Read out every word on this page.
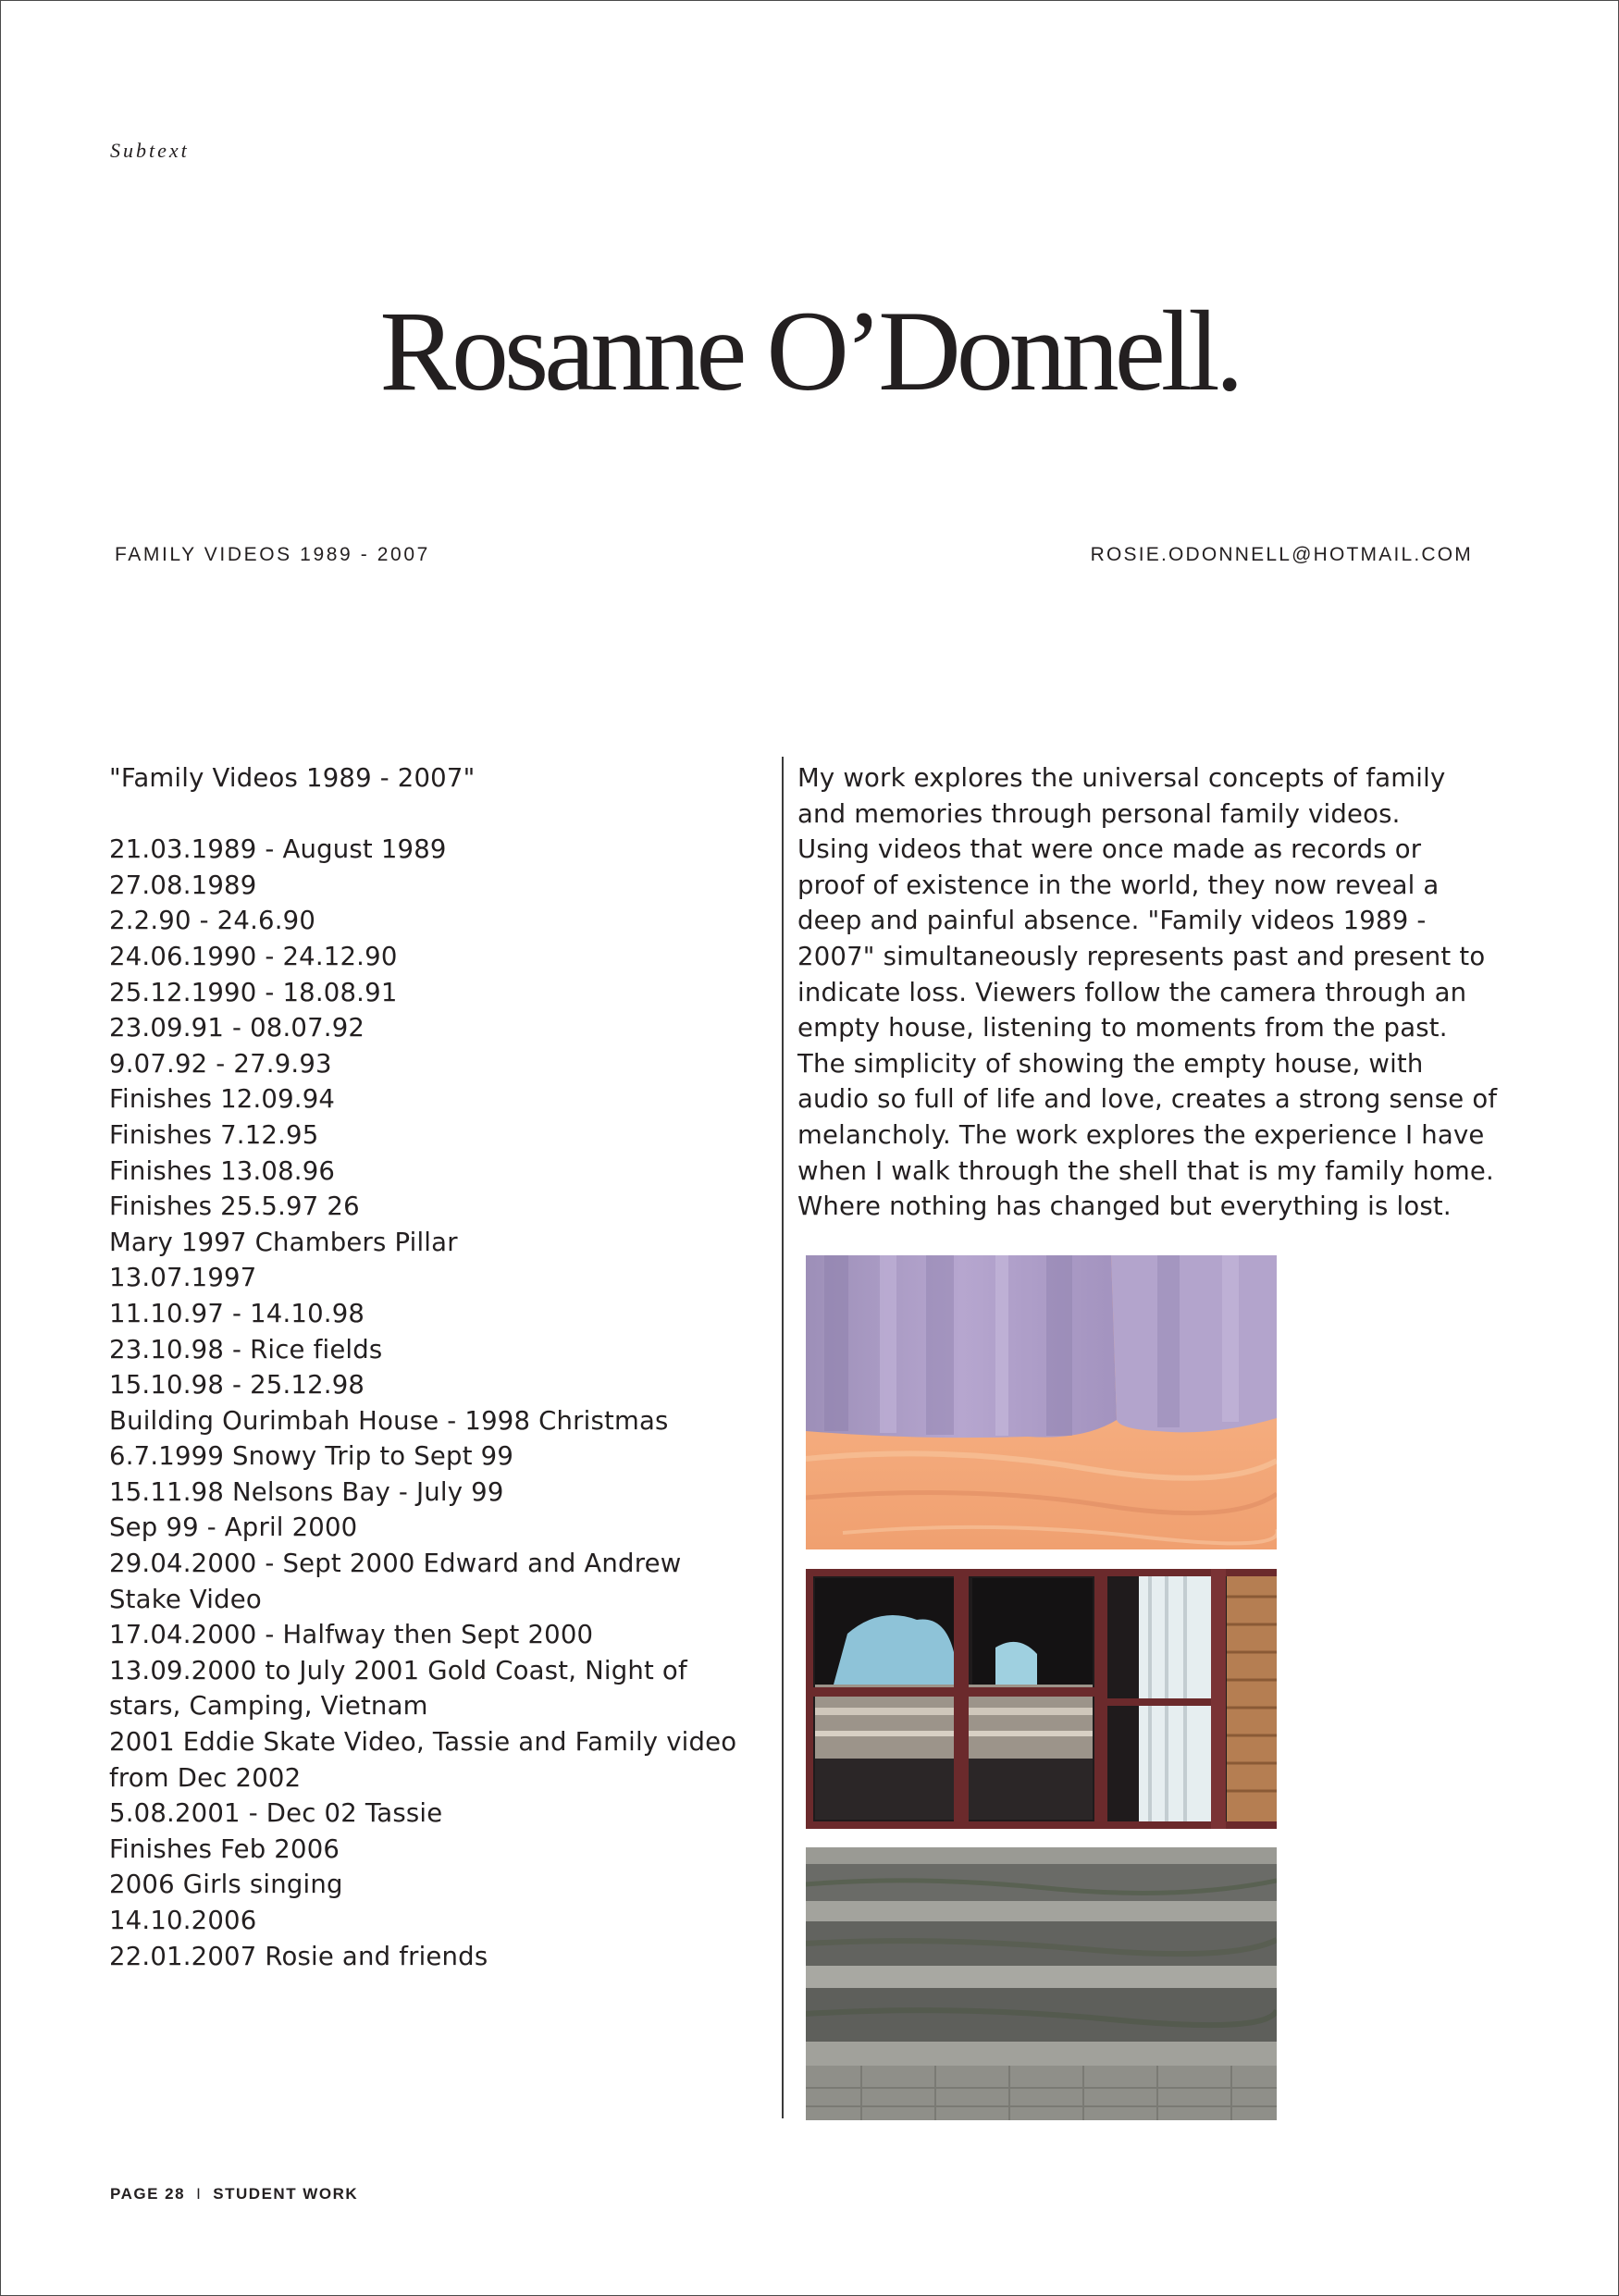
Subtext
Rosanne O’Donnell.
FAMILY VIDEOS 1989 - 2007	ROSIE.ODONNELL@HOTMAIL.COM
"Family Videos 1989 - 2007"
21.03.1989 - August 1989
27.08.1989
2.2.90 - 24.6.90
24.06.1990 - 24.12.90
25.12.1990 - 18.08.91
23.09.91 - 08.07.92
9.07.92 - 27.9.93
Finishes 12.09.94
Finishes 7.12.95
Finishes 13.08.96
Finishes 25.5.97 26
Mary 1997 Chambers Pillar
13.07.1997
11.10.97 - 14.10.98
23.10.98 - Rice fields
15.10.98 - 25.12.98
Building Ourimbah House - 1998 Christmas
6.7.1999 Snowy Trip to Sept 99
15.11.98 Nelsons Bay - July 99
Sep 99 - April 2000
29.04.2000 - Sept 2000 Edward and Andrew
Stake Video
17.04.2000 - Halfway then Sept 2000
13.09.2000 to July 2001 Gold Coast, Night of
stars, Camping, Vietnam
2001 Eddie Skate Video, Tassie and Family video
from Dec 2002
5.08.2001 - Dec 02 Tassie
Finishes Feb 2006
2006 Girls singing
14.10.2006
22.01.2007 Rosie and friends
My work explores the universal concepts of family
and memories through personal family videos.
Using videos that were once made as records or
proof of existence in the world, they now reveal a
deep and painful absence. "Family videos 1989 -
2007" simultaneously represents past and present to
indicate loss. Viewers follow the camera through an
empty house, listening to moments from the past.
The simplicity of showing the empty house, with
audio so full of life and love, creates a strong sense of
melancholy. The work explores the experience I have
when I walk through the shell that is my family home.
Where nothing has changed but everything is lost.
PAGE 28 I STUDENT WORK
